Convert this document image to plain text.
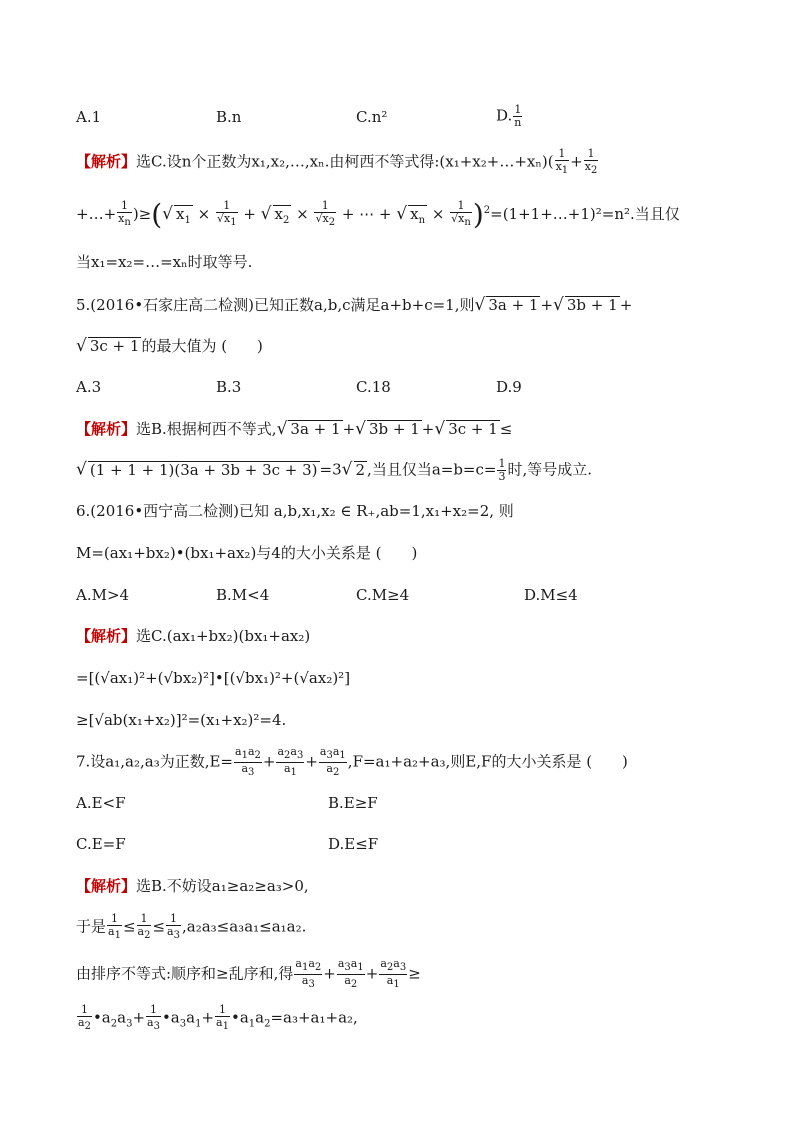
A.1	B.n	C.n²	D. $\frac{1}{n}$
【解析】选C.设n个正数为x₁,x₂,…,xₙ.由柯西不等式得:(x₁+x₂+…+xₙ)( $\frac{1}{x_1} + \frac{1}{x_2}$
+…+ $\frac{1}{x_n}$ )≥(√ $x_1 \times \frac{1}{√x_1}$ + √ $x_2 \times \frac{1}{√x_2}$ + ⋯ + √ $x_n \times \frac{1}{√x_n}$ )$^2$=(1+1+…+1)²=n².当且仅
当x₁=x₂=…=xₙ时取等号.
5.(2016•石家庄高二检测)已知正数a,b,c满足a+b+c=1,则√ 3a + 1 +√ 3b + 1 +
√ 3c + 1 的最大值为 (　　)
A.3	B.3	C.18	D.9
【解析】选B.根据柯西不等式,√ 3a + 1 +√ 3b + 1 +√ 3c + 1 ≤
√ (1 + 1 + 1)(3a + 3b + 3c + 3) =3√ 2 ,当且仅当$a=b=c= \frac{1}{3}$ 时,等号成立.
6.(2016•西宁高二检测)已知 a,b,x₁,x₂ ∈ R₊,ab=1,x₁+x₂=2, 则
M=(ax₁+bx₂)•(bx₁+ax₂)与4的大小关系是 (　　)
A.M>4	B.M<4	C.M≥4	D.M≤4
【解析】选C.(ax₁+bx₂)(bx₁+ax₂)
=[(√ax₁)²+(√bx₂)²]•[(√bx₁)²+(√ax₂)²]
≥[√ab(x₁+x₂)]²=(x₁+x₂)²=4.
7.设a₁,a₂,a₃为正数$,E= \frac{a_1a_2}{a_3} + \frac{a_2a_3}{a_1} + \frac{a_3a_1}{a_2} ,F=a_1+a_2+a_3$,则E,F的大小关系是 (　　)
A.E<F	B.E≥F
C.E=F	D.E≤F
【解析】选B.不妨设a₁≥a₂≥a₃>0,
于是 $\frac{1}{a_1} \le \frac{1}{a_2} \le \frac{1}{a_3} ,a_2a_3\le a_3a_1\le a_1a_2$.
由排序不等式:顺序和≥乱序和,得 $\frac{a_1a_2}{a_3} + \frac{a_3a_1}{a_2} + \frac{a_2a_3}{a_1}$ ≥
$\frac{1}{a_2}$ $•a_2a_3+ \frac{1}{a_3}$ $•a_3a_1+ \frac{1}{a_1}$ $•a_1a_2=a_3+a_1+a_2$,
